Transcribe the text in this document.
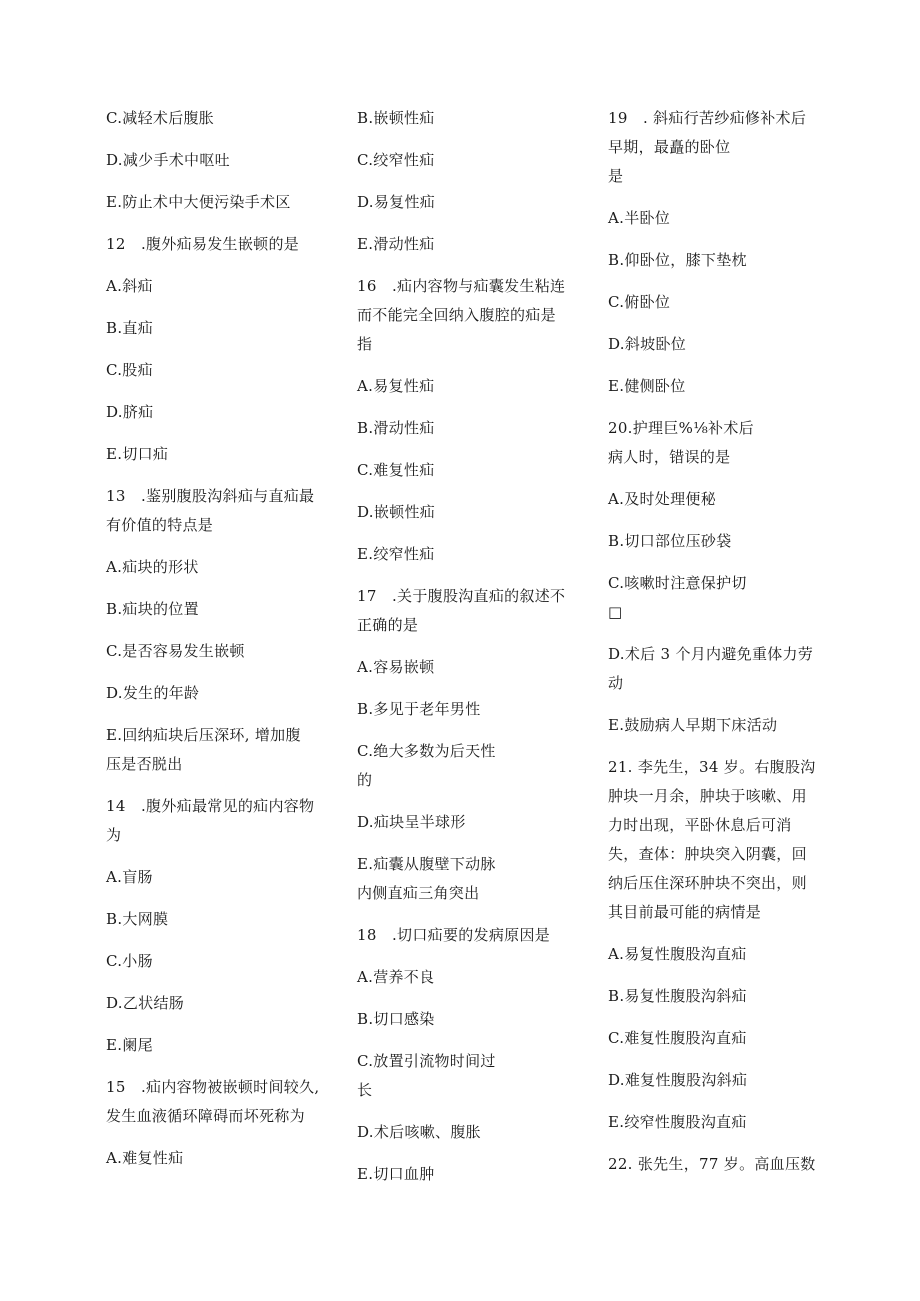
C.减轻术后腹胀
D.减少手术中呕吐
E.防止术中大便污染手术区
12　.腹外疝易发生嵌顿的是
A.斜疝
B.直疝
C.股疝
D.脐疝
E.切口疝
13　.鉴别腹股沟斜疝与直疝最
有价值的特点是
A.疝块的形状
B.疝块的位置
C.是否容易发生嵌顿
D.发生的年龄
E.回纳疝块后压深环, 增加腹
压是否脱出
14　.腹外疝最常见的疝内容物
为
A.盲肠
B.大网膜
C.小肠
D.乙状结肠
E.阑尾
15　.疝内容物被嵌顿时间较久,
发生血液循环障碍而坏死称为
A.难复性疝
B.嵌顿性疝
C.绞窄性疝
D.易复性疝
E.滑动性疝
16　.疝内容物与疝囊发生粘连
而不能完全回纳入腹腔的疝是
指
A.易复性疝
B.滑动性疝
C.难复性疝
D.嵌顿性疝
E.绞窄性疝
17　.关于腹股沟直疝的叙述不
正确的是
A.容易嵌顿
B.多见于老年男性
C.绝大多数为后天性
的
D.疝块呈半球形
E.疝囊从腹壁下动脉
内侧直疝三角突出
18　.切口疝要的发病原因是
A.营养不良
B.切口感染
C.放置引流物时间过
长
D.术后咳嗽、腹胀
E.切口血肿
19　. 斜疝行苦纱疝修补术后
早期，最矗的卧位
是
A.半卧位
B.仰卧位，膝下垫枕
C.俯卧位
D.斜坡卧位
E.健侧卧位
20.护理巨%⅛补术后
病人时，错误的是
A.及时处理便秘
B.切口部位压砂袋
C.咳嗽时注意保护切
□
D.术后 3 个月内避免重体力劳
动
E.鼓励病人早期下床活动
21. 李先生，34 岁。右腹股沟
肿块一月余，肿块于咳嗽、用
力时出现，平卧休息后可消
失，查体：肿块突入阴囊，回
纳后压住深环肿块不突出，则
其目前最可能的病情是
A.易复性腹股沟直疝
B.易复性腹股沟斜疝
C.难复性腹股沟直疝
D.难复性腹股沟斜疝
E.绞窄性腹股沟直疝
22. 张先生，77 岁。高血压数
